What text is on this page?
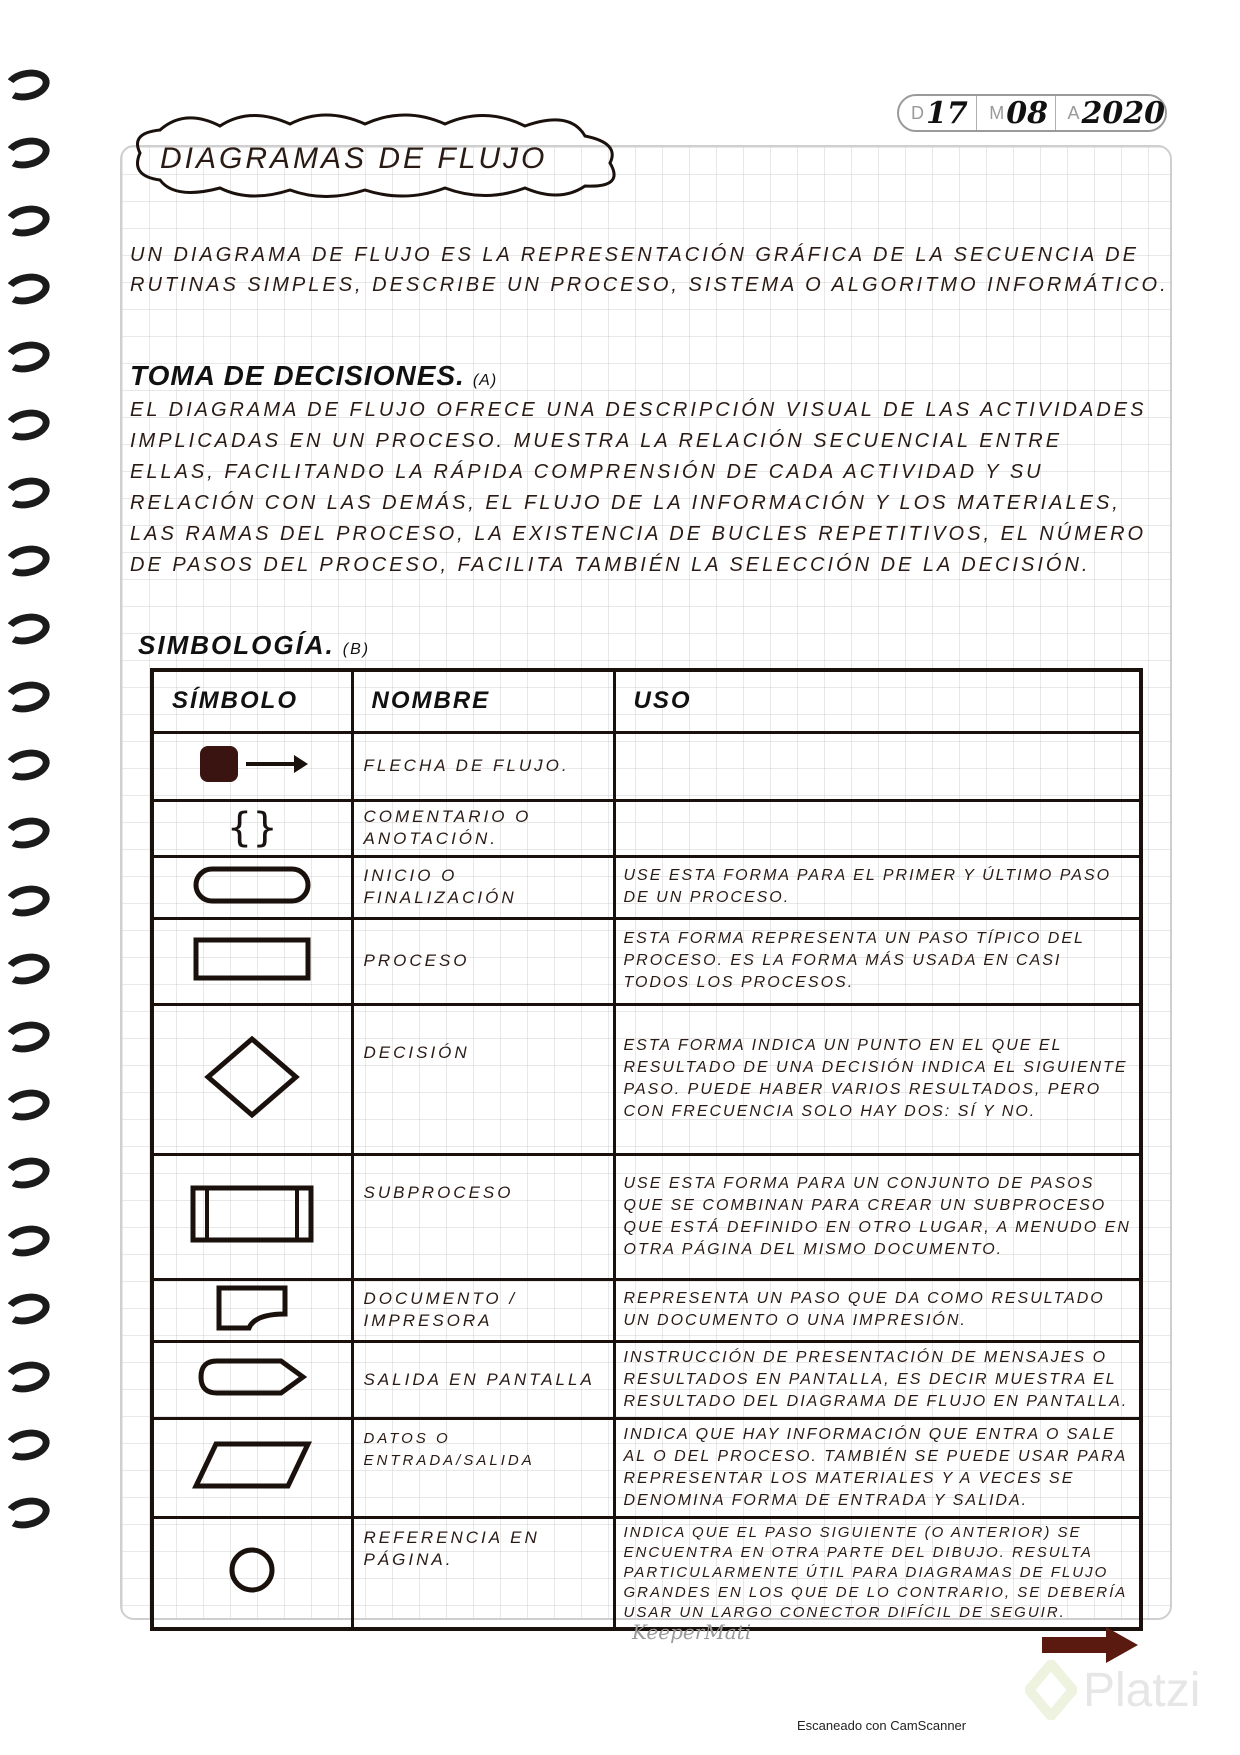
D 17 M 08 A 2020
DIAGRAMAS DE FLUJO
UN DIAGRAMA DE FLUJO ES LA REPRESENTACIÓN GRÁFICA DE LA SECUENCIA DE RUTINAS SIMPLES, DESCRIBE UN PROCESO, SISTEMA O ALGORITMO INFORMÁTICO.
TOMA DE DECISIONES. (A)
EL DIAGRAMA DE FLUJO OFRECE UNA DESCRIPCIÓN VISUAL DE LAS ACTIVIDADES IMPLICADAS EN UN PROCESO. MUESTRA LA RELACIÓN SECUENCIAL ENTRE ELLAS, FACILITANDO LA RÁPIDA COMPRENSIÓN DE CADA ACTIVIDAD Y SU RELACIÓN CON LAS DEMÁS, EL FLUJO DE LA INFORMACIÓN Y LOS MATERIALES, LAS RAMAS DEL PROCESO, LA EXISTENCIA DE BUCLES REPETITIVOS, EL NÚMERO DE PASOS DEL PROCESO, FACILITA TAMBIÉN LA SELECCIÓN DE LA DECISIÓN.
SIMBOLOGÍA. (B)
SÍMBOLO	NOMBRE	USO
	FLECHA DE FLUJO.	
{}	COMENTARIO O ANOTACIÓN.	
	INICIO O FINALIZACIÓN	USE ESTA FORMA PARA EL PRIMER Y ÚLTIMO PASO DE UN PROCESO.
	PROCESO	ESTA FORMA REPRESENTA UN PASO TÍPICO DEL PROCESO. ES LA FORMA MÁS USADA EN CASI TODOS LOS PROCESOS.
	DECISIÓN	ESTA FORMA INDICA UN PUNTO EN EL QUE EL RESULTADO DE UNA DECISIÓN INDICA EL SIGUIENTE PASO. PUEDE HABER VARIOS RESULTADOS, PERO CON FRECUENCIA SOLO HAY DOS: SÍ Y NO.
	SUBPROCESO	USE ESTA FORMA PARA UN CONJUNTO DE PASOS QUE SE COMBINAN PARA CREAR UN SUBPROCESO QUE ESTÁ DEFINIDO EN OTRO LUGAR, A MENUDO EN OTRA PÁGINA DEL MISMO DOCUMENTO.
	DOCUMENTO / IMPRESORA	REPRESENTA UN PASO QUE DA COMO RESULTADO UN DOCUMENTO O UNA IMPRESIÓN.
	SALIDA EN PANTALLA	INSTRUCCIÓN DE PRESENTACIÓN DE MENSAJES O RESULTADOS EN PANTALLA, ES DECIR MUESTRA EL RESULTADO DEL DIAGRAMA DE FLUJO EN PANTALLA.
	DATOS O ENTRADA/SALIDA	INDICA QUE HAY INFORMACIÓN QUE ENTRA O SALE AL O DEL PROCESO. TAMBIÉN SE PUEDE USAR PARA REPRESENTAR LOS MATERIALES Y A VECES SE DENOMINA FORMA DE ENTRADA Y SALIDA.
	REFERENCIA EN PÁGINA.	INDICA QUE EL PASO SIGUIENTE (O ANTERIOR) SE ENCUENTRA EN OTRA PARTE DEL DIBUJO. RESULTA PARTICULARMENTE ÚTIL PARA DIAGRAMAS DE FLUJO GRANDES EN LOS QUE DE LO CONTRARIO, SE DEBERÍA USAR UN LARGO CONECTOR DIFÍCIL DE SEGUIR.
KeeperMati
Platzi
Escaneado con CamScanner
